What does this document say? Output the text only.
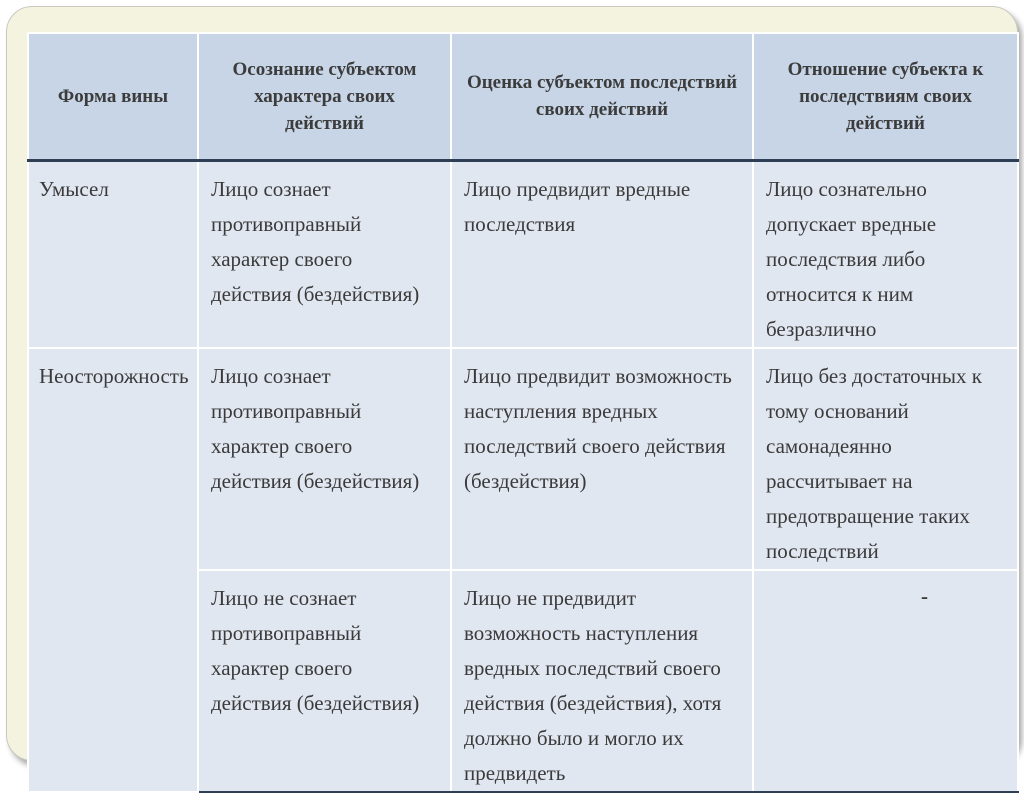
Форма вины	Осознание субъектом характера своих действий	Оценка субъектом последствий своих действий	Отношение субъекта к последствиям своих действий

Умысел	Лицо сознает противоправный характер своего действия (бездействия)	Лицо предвидит вредные последствия	Лицо сознательно допускает вредные последствия либо относится к ним безразлично

Неосторожность	Лицо сознает противоправный характер своего действия (бездействия)	Лицо предвидит возможность наступления вредных последствий своего действия (бездействия)	Лицо без достаточных к тому оснований самонадеянно рассчитывает на предотвращение таких последствий

	Лицо не сознает противоправный характер своего действия (бездействия)	Лицо не предвидит возможность наступления вредных последствий своего действия (бездействия), хотя должно было и могло их предвидеть	-
